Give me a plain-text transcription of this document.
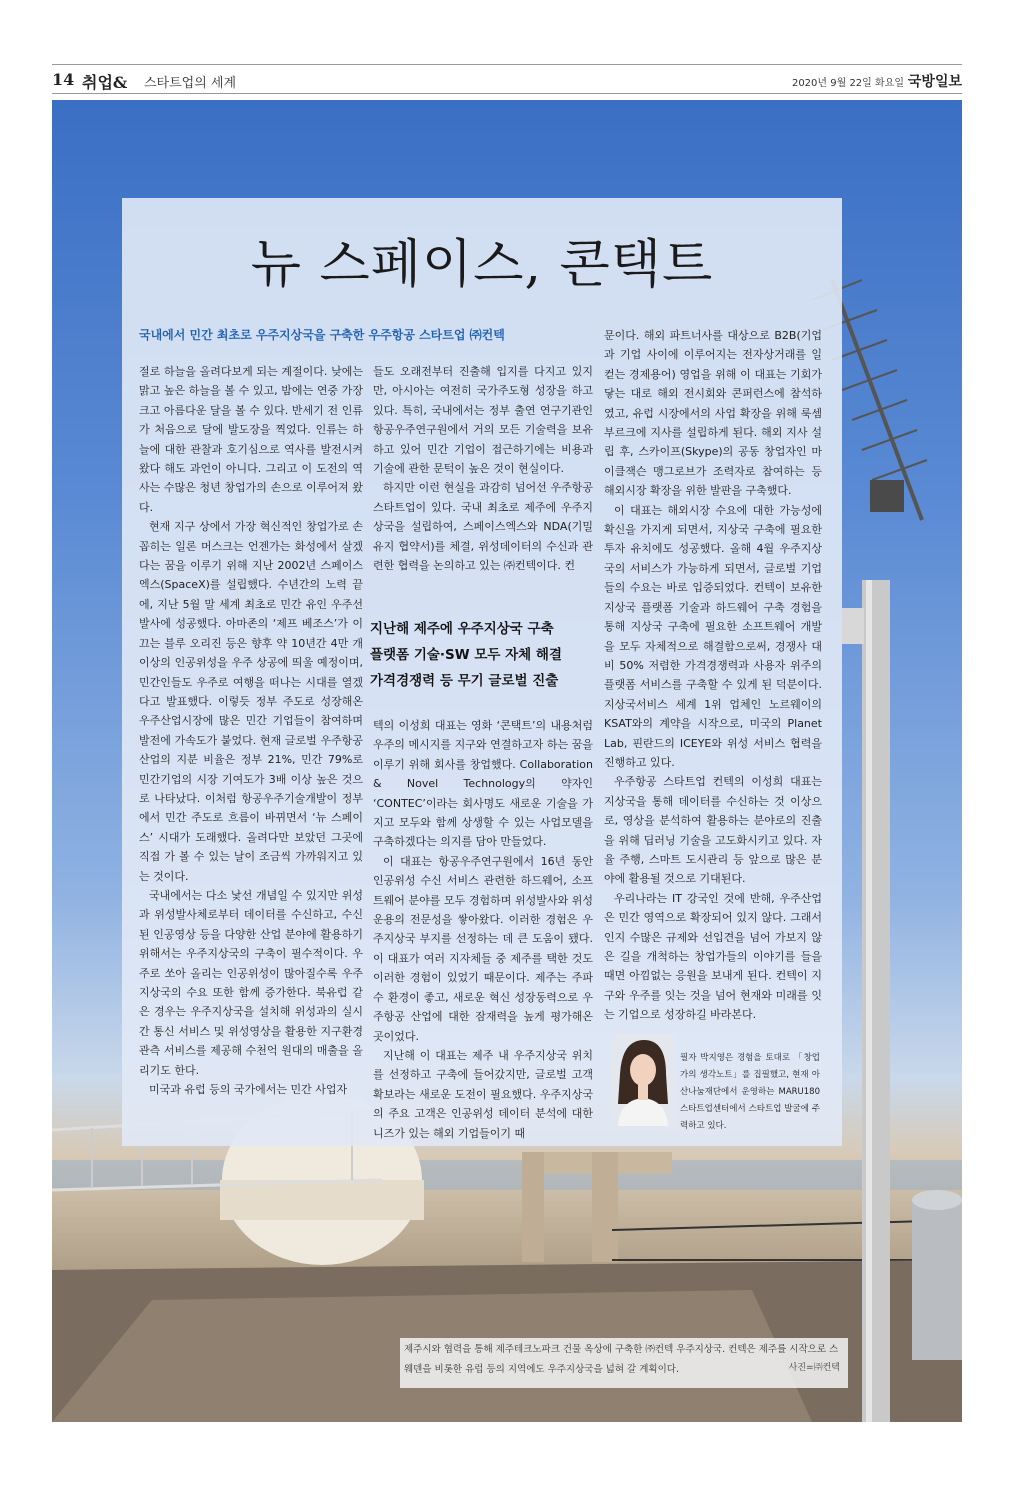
14 취업& 스타트업의 세계	2020년 9월 22일 화요일 국방일보
뉴 스페이스, 콘택트
국내에서 민간 최초로 우주지상국을 구축한 우주항공 스타트업 ㈜컨텍

절로 하늘을 올려다보게 되는 계절이다. 낮에는 맑고 높은 하늘을 볼 수 있고, 밤에는 연중 가장 크고 아름다운 달을 볼 수 있다. 반세기 전 인류가 처음으로 달에 발도장을 찍었다. 인류는 하늘에 대한 관찰과 호기심으로 역사를 발전시켜 왔다 해도 과언이 아니다. 그리고 이 도전의 역사는 수많은 청년 창업가의 손으로 이루어져 왔다.

현재 지구 상에서 가장 혁신적인 창업가로 손꼽히는 일론 머스크는 언젠가는 화성에서 살겠다는 꿈을 이루기 위해 지난 2002년 스페이스엑스(SpaceX)를 설립했다. 수년간의 노력 끝에, 지난 5월 말 세계 최초로 민간 유인 우주선 발사에 성공했다. 아마존의 ‘제프 베조스’가 이끄는 블루 오리진 등은 향후 약 10년간 4만 개 이상의 인공위성을 우주 상공에 띄울 예정이며, 민간인들도 우주로 여행을 떠나는 시대를 열겠다고 발표했다. 이렇듯 정부 주도로 성장해온 우주산업시장에 많은 민간 기업들이 참여하며 발전에 가속도가 붙었다. 현재 글로벌 우주항공산업의 지분 비율은 정부 21%, 민간 79%로 민간기업의 시장 기여도가 3배 이상 높은 것으로 나타났다. 이처럼 항공우주기술개발이 정부에서 민간 주도로 흐름이 바뀌면서 ‘뉴 스페이스’ 시대가 도래했다. 올려다만 보았던 그곳에 직접 가 볼 수 있는 날이 조금씩 가까워지고 있는 것이다.

국내에서는 다소 낯선 개념일 수 있지만 위성과 위성발사체로부터 데이터를 수신하고, 수신된 인공영상 등을 다양한 산업 분야에 활용하기 위해서는 우주지상국의 구축이 필수적이다. 우주로 쏘아 올리는 인공위성이 많아질수록 우주지상국의 수요 또한 함께 증가한다. 북유럽 같은 경우는 우주지상국을 설치해 위성과의 실시간 통신 서비스 및 위성영상을 활용한 지구환경 관측 서비스를 제공해 수천억 원대의 매출을 올리기도 한다.

미국과 유럽 등의 국가에서는 민간 사업자

들도 오래전부터 진출해 입지를 다지고 있지만, 아시아는 여전히 국가주도형 성장을 하고 있다. 특히, 국내에서는 정부 출연 연구기관인 항공우주연구원에서 거의 모든 기술력을 보유하고 있어 민간 기업이 접근하기에는 비용과 기술에 관한 문턱이 높은 것이 현실이다.

하지만 이런 현실을 과감히 넘어선 우주항공 스타트업이 있다. 국내 최초로 제주에 우주지상국을 설립하여, 스페이스엑스와 NDA(기밀유지 협약서)를 체결, 위성데이터의 수신과 관련한 협력을 논의하고 있는 ㈜컨텍이다. 컨

지난해 제주에 우주지상국 구축
플랫폼 기술·SW 모두 자체 해결
가격경쟁력 등 무기 글로벌 진출

텍의 이성희 대표는 영화 ‘콘택트’의 내용처럼 우주의 메시지를 지구와 연결하고자 하는 꿈을 이루기 위해 회사를 창업했다. Collaboration & Novel Technology의 약자인 ‘CONTEC’이라는 회사명도 새로운 기술을 가지고 모두와 함께 상생할 수 있는 사업모델을 구축하겠다는 의지를 담아 만들었다.

이 대표는 항공우주연구원에서 16년 동안 인공위성 수신 서비스 관련한 하드웨어, 소프트웨어 분야를 모두 경험하며 위성발사와 위성운용의 전문성을 쌓아왔다. 이러한 경험은 우주지상국 부지를 선정하는 데 큰 도움이 됐다. 이 대표가 여러 지자체들 중 제주를 택한 것도 이러한 경험이 있었기 때문이다. 제주는 주파수 환경이 좋고, 새로운 혁신 성장동력으로 우주항공 산업에 대한 잠재력을 높게 평가해온 곳이었다.

지난해 이 대표는 제주 내 우주지상국 위치를 선정하고 구축에 들어갔지만, 글로벌 고객 확보라는 새로운 도전이 필요했다. 우주지상국의 주요 고객은 인공위성 데이터 분석에 대한 니즈가 있는 해외 기업들이기 때

문이다. 해외 파트너사를 대상으로 B2B(기업과 기업 사이에 이루어지는 전자상거래를 일컫는 경제용어) 영업을 위해 이 대표는 기회가 닿는 대로 해외 전시회와 콘퍼런스에 참석하였고, 유럽 시장에서의 사업 확장을 위해 룩셈부르크에 지사를 설립하게 된다. 해외 지사 설립 후, 스카이프(Skype)의 공동 창업자인 마이클잭슨 맹그로브가 조력자로 참여하는 등 해외시장 확장을 위한 발판을 구축했다.

이 대표는 해외시장 수요에 대한 가능성에 확신을 가지게 되면서, 지상국 구축에 필요한 투자 유치에도 성공했다. 올해 4월 우주지상국의 서비스가 가능하게 되면서, 글로벌 기업들의 수요는 바로 입증되었다. 컨텍이 보유한 지상국 플랫폼 기술과 하드웨어 구축 경험을 통해 지상국 구축에 필요한 소프트웨어 개발을 모두 자체적으로 해결함으로써, 경쟁사 대비 50% 저렴한 가격경쟁력과 사용자 위주의 플랫폼 서비스를 구축할 수 있게 된 덕분이다. 지상국서비스 세계 1위 업체인 노르웨이의 KSAT와의 계약을 시작으로, 미국의 Planet Lab, 핀란드의 ICEYE와 위성 서비스 협력을 진행하고 있다.

우주항공 스타트업 컨텍의 이성희 대표는 지상국을 통해 데이터를 수신하는 것 이상으로, 영상을 분석하여 활용하는 분야로의 진출을 위해 딥러닝 기술을 고도화시키고 있다. 자율 주행, 스마트 도시관리 등 앞으로 많은 분야에 활용될 것으로 기대된다.

우리나라는 IT 강국인 것에 반해, 우주산업은 민간 영역으로 확장되어 있지 않다. 그래서인지 수많은 규제와 선입견을 넘어 가보지 않은 길을 개척하는 창업가들의 이야기를 들을 때면 아낌없는 응원을 보내게 된다. 컨텍이 지구와 우주를 잇는 것을 넘어 현재와 미래를 잇는 기업으로 성장하길 바라본다.

필자 박지영은 경험을 토대로 「창업가의 생각노트」를 집필했고, 현재 아산나눔재단에서 운영하는 MARU180 스타트업센터에서 스타트업 발굴에 주력하고 있다.
제주시와 협력을 통해 제주테크노파크 건물 옥상에 구축한 ㈜컨텍 우주지상국. 컨텍은 제주를 시작으로 스웨덴을 비롯한 유럽 등의 지역에도 우주지상국을 넓혀 갈 계획이다.	사진=㈜컨텍
